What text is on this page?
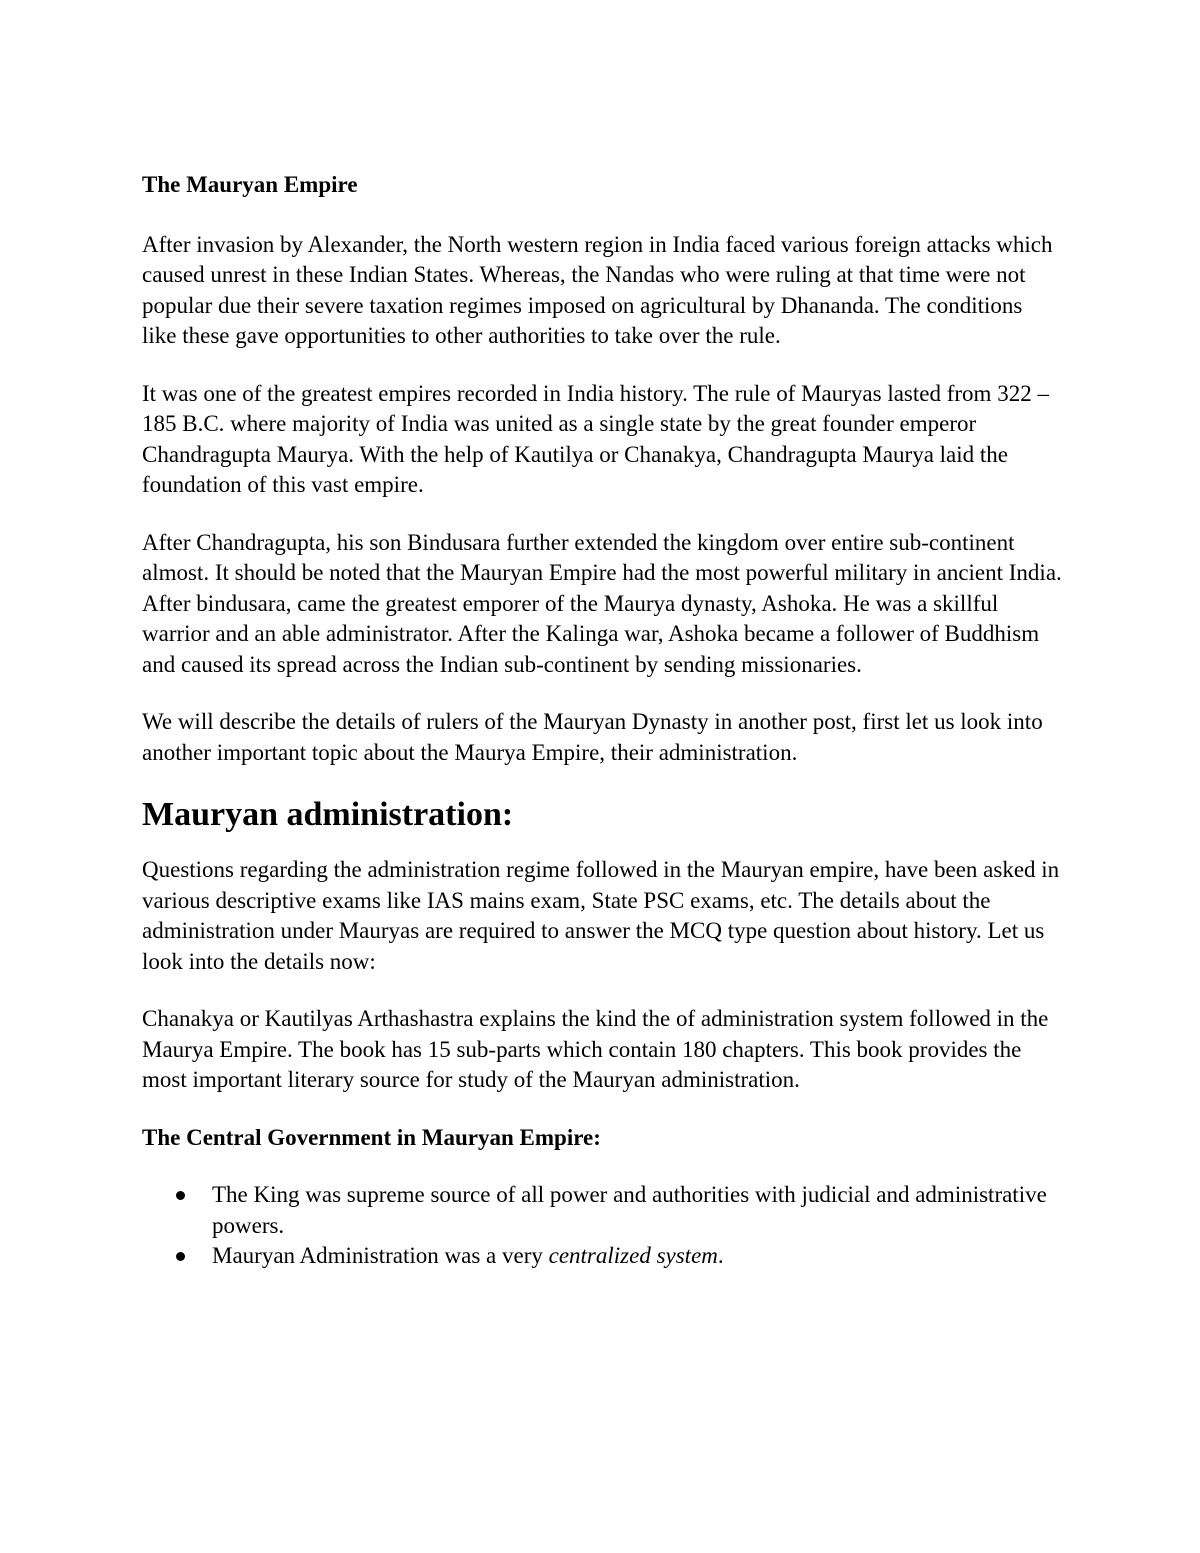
The Mauryan Empire

After invasion by Alexander, the North western region in India faced various foreign attacks which caused unrest in these Indian States. Whereas, the Nandas who were ruling at that time were not popular due their severe taxation regimes imposed on agricultural by Dhananda. The conditions like these gave opportunities to other authorities to take over the rule.

It was one of the greatest empires recorded in India history. The rule of Mauryas lasted from 322 – 185 B.C. where majority of India was united as a single state by the great founder emperor Chandragupta Maurya. With the help of Kautilya or Chanakya, Chandragupta Maurya laid the foundation of this vast empire.

After Chandragupta, his son Bindusara further extended the kingdom over entire sub-continent almost. It should be noted that the Mauryan Empire had the most powerful military in ancient India. After bindusara, came the greatest emporer of the Maurya dynasty, Ashoka. He was a skillful warrior and an able administrator. After the Kalinga war, Ashoka became a follower of Buddhism and caused its spread across the Indian sub-continent by sending missionaries.

We will describe the details of rulers of the Mauryan Dynasty in another post, first let us look into another important topic about the Maurya Empire, their administration.

Mauryan administration:

Questions regarding the administration regime followed in the Mauryan empire, have been asked in various descriptive exams like IAS mains exam, State PSC exams, etc. The details about the administration under Mauryas are required to answer the MCQ type question about history. Let us look into the details now:

Chanakya or Kautilyas Arthashastra explains the kind the of administration system followed in the Maurya Empire. The book has 15 sub-parts which contain 180 chapters. This book provides the most important literary source for study of the Mauryan administration.

The Central Government in Mauryan Empire:
The King was supreme source of all power and authorities with judicial and administrative powers.
Mauryan Administration was a very centralized system.
